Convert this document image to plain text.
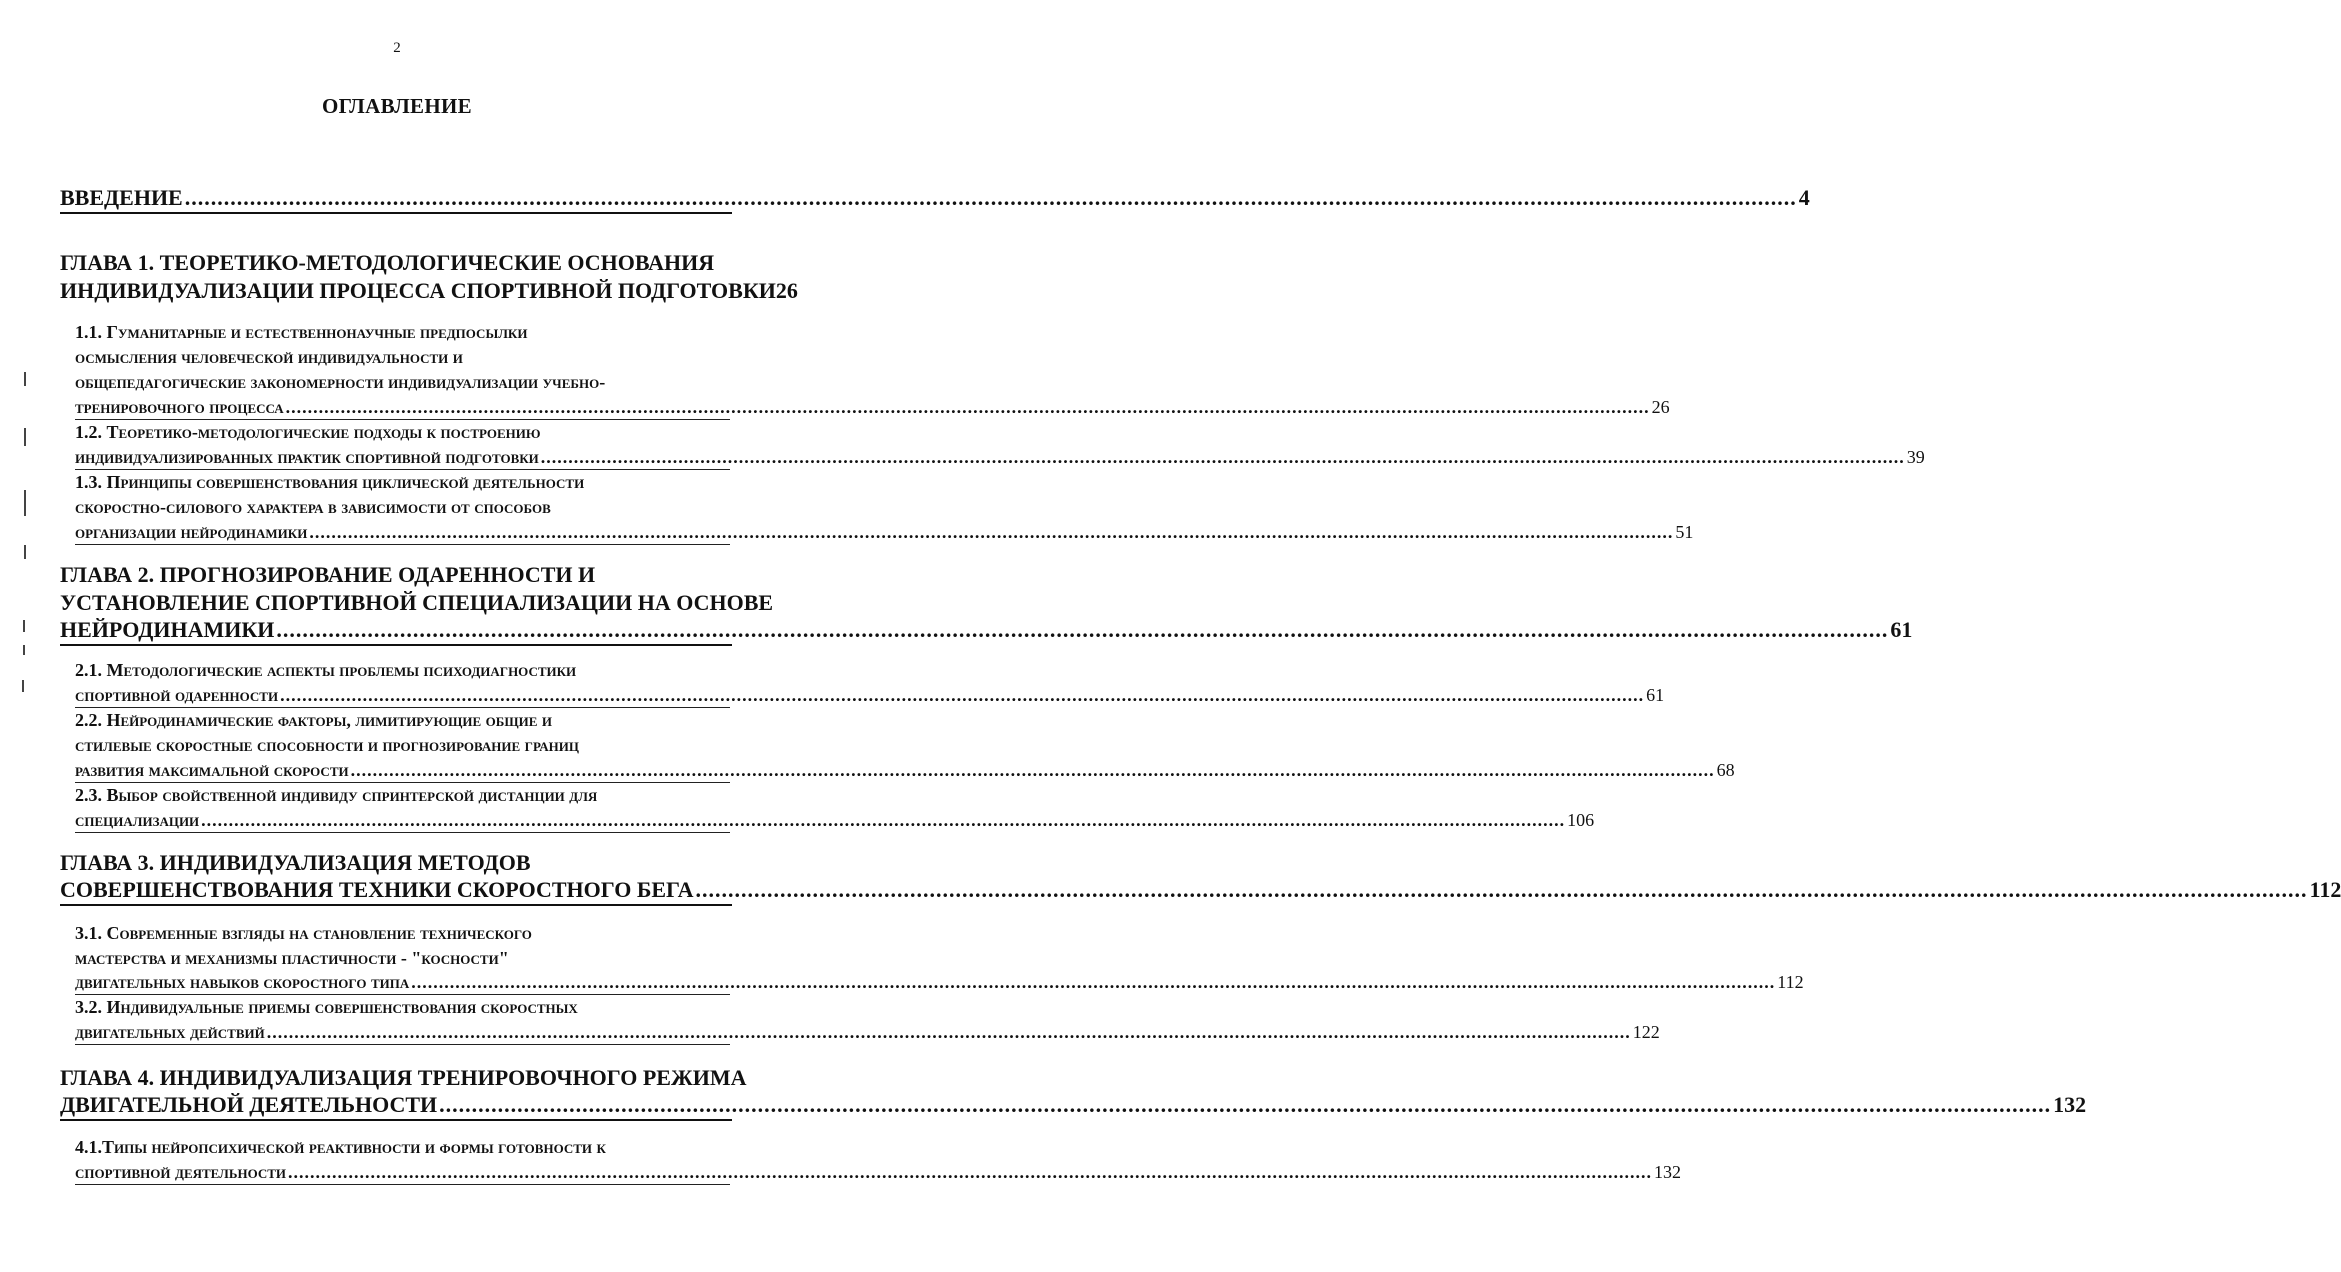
2
ОГЛАВЛЕНИЕ
ВВЕДЕНИЕ .....	4
ГЛАВА 1. ТЕОРЕТИКО-МЕТОДОЛОГИЧЕСКИЕ ОСНОВАНИЯ
ИНДИВИДУАЛИЗАЦИИ ПРОЦЕССА СПОРТИВНОЙ ПОДГОТОВКИ 26
1.1. Гуманитарные и естественнонаучные предпосылки
осмысления человеческой индивидуальности и
общепедагогические закономерности индивидуализации учебно-
тренировочного процесса .....	26
1.2. Теоретико-методологические подходы к построению
индивидуализированных практик спортивной подготовки .....	39
1.3. Принципы совершенствования циклической деятельности
скоростно-силового характера в зависимости от способов
организации нейродинамики .....	51
ГЛАВА 2. ПРОГНОЗИРОВАНИЕ ОДАРЕННОСТИ И
УСТАНОВЛЕНИЕ СПОРТИВНОЙ СПЕЦИАЛИЗАЦИИ НА ОСНОВЕ
НЕЙРОДИНАМИКИ .....	61
2.1. Методологические аспекты проблемы психодиагностики
спортивной одаренности .....	61
2.2. Нейродинамические факторы, лимитирующие общие и
стилевые скоростные способности и прогнозирование границ
развития максимальной скорости .....	68
2.3. Выбор свойственной индивиду спринтерской дистанции для
специализации .....	106
ГЛАВА 3. ИНДИВИДУАЛИЗАЦИЯ МЕТОДОВ
СОВЕРШЕНСТВОВАНИЯ ТЕХНИКИ СКОРОСТНОГО БЕГА .....	112
3.1. Современные взгляды на становление технического
мастерства и механизмы пластичности - "косности"
двигательных навыков скоростного типа .....	112
3.2. Индивидуальные приемы совершенствования скоростных
двигательных действий .....	122
ГЛАВА 4. ИНДИВИДУАЛИЗАЦИЯ ТРЕНИРОВОЧНОГО РЕЖИМА
ДВИГАТЕЛЬНОЙ ДЕЯТЕЛЬНОСТИ .....	132
4.1.Типы нейропсихической реактивности и формы готовности к
спортивной деятельности .....	132
